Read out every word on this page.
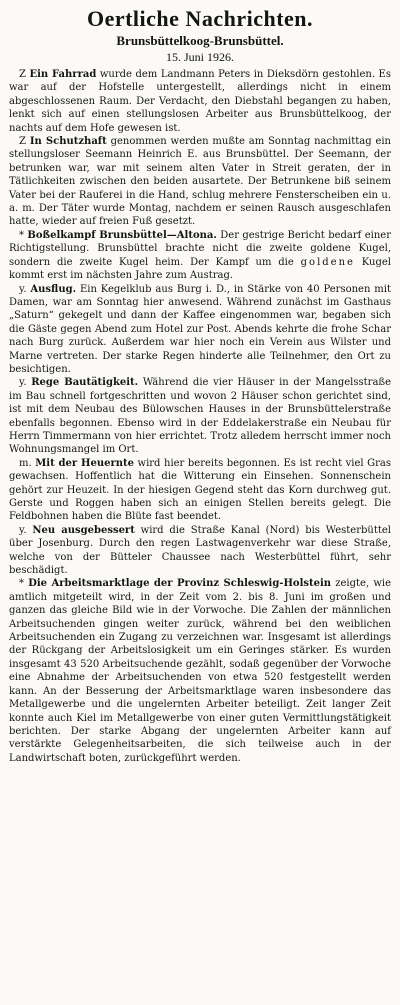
Oertliche Nachrichten.
Brunsbüttelkoog-Brunsbüttel.
15. Juni 1926.

Z Ein Fahrrad wurde dem Landmann Peters in Dieksdörn gestohlen. Es war auf der Hofstelle untergestellt, allerdings nicht in einem abgeschlossenen Raum. Der Verdacht, den Diebstahl begangen zu haben, lenkt sich auf einen stellungslosen Arbeiter aus Brunsbüttelkoog, der nachts auf dem Hofe gewesen ist.

Z In Schutzhaft genommen werden mußte am Sonntag nachmittag ein stellungsloser Seemann Heinrich E. aus Brunsbüttel. Der Seemann, der betrunken war, war mit seinem alten Vater in Streit geraten, der in Tätlichkeiten zwischen den beiden ausartete. Der Betrunkene biß seinem Vater bei der Rauferei in die Hand, schlug mehrere Fensterscheiben ein u. a. m. Der Täter wurde Montag, nachdem er seinen Rausch ausgeschlafen hatte, wieder auf freien Fuß gesetzt.

* Boßelkampf Brunsbüttel—Altona. Der gestrige Bericht bedarf einer Richtigstellung. Brunsbüttel brachte nicht die zweite goldene Kugel, sondern die zweite Kugel heim. Der Kampf um die goldene Kugel kommt erst im nächsten Jahre zum Austrag.

y. Ausflug. Ein Kegelklub aus Burg i. D., in Stärke von 40 Personen mit Damen, war am Sonntag hier anwesend. Während zunächst im Gasthaus „Saturn“ gekegelt und dann der Kaffee eingenommen war, begaben sich die Gäste gegen Abend zum Hotel zur Post. Abends kehrte die frohe Schar nach Burg zurück. Außerdem war hier noch ein Verein aus Wilster und Marne vertreten. Der starke Regen hinderte alle Teilnehmer, den Ort zu besichtigen.

y. Rege Bautätigkeit. Während die vier Häuser in der Mangelsstraße im Bau schnell fortgeschritten und wovon 2 Häuser schon gerichtet sind, ist mit dem Neubau des Bülowschen Hauses in der Brunsbüttelerstraße ebenfalls begonnen. Ebenso wird in der Eddelakerstraße ein Neubau für Herrn Timmermann von hier errichtet. Trotz alledem herrscht immer noch Wohnungsmangel im Ort.

m. Mit der Heuernte wird hier bereits begonnen. Es ist recht viel Gras gewachsen. Hoffentlich hat die Witterung ein Einsehen. Sonnenschein gehört zur Heuzeit. In der hiesigen Gegend steht das Korn durchweg gut. Gerste und Roggen haben sich an einigen Stellen bereits gelegt. Die Feldbohnen haben die Blüte fast beendet.

y. Neu ausgebessert wird die Straße Kanal (Nord) bis Westerbüttel über Josenburg. Durch den regen Lastwagenverkehr war diese Straße, welche von der Bütteler Chaussee nach Westerbüttel führt, sehr beschädigt.

* Die Arbeitsmarktlage der Provinz Schleswig-Holstein zeigte, wie amtlich mitgeteilt wird, in der Zeit vom 2. bis 8. Juni im großen und ganzen das gleiche Bild wie in der Vorwoche. Die Zahlen der männlichen Arbeitsuchenden gingen weiter zurück, während bei den weiblichen Arbeitsuchenden ein Zugang zu verzeichnen war. Insgesamt ist allerdings der Rückgang der Arbeitslosigkeit um ein Geringes stärker. Es wurden insgesamt 43 520 Arbeitsuchende gezählt, sodaß gegenüber der Vorwoche eine Abnahme der Arbeitsuchenden von etwa 520 festgestellt werden kann. An der Besserung der Arbeitsmarktlage waren insbesondere das Metallgewerbe und die ungelernten Arbeiter beteiligt. Zeit langer Zeit konnte auch Kiel im Metallgewerbe von einer guten Vermittlungstätigkeit berichten. Der starke Abgang der ungelernten Arbeiter kann auf verstärkte Gelegenheitsarbeiten, die sich teilweise auch in der Landwirtschaft boten, zurückgeführt werden.
